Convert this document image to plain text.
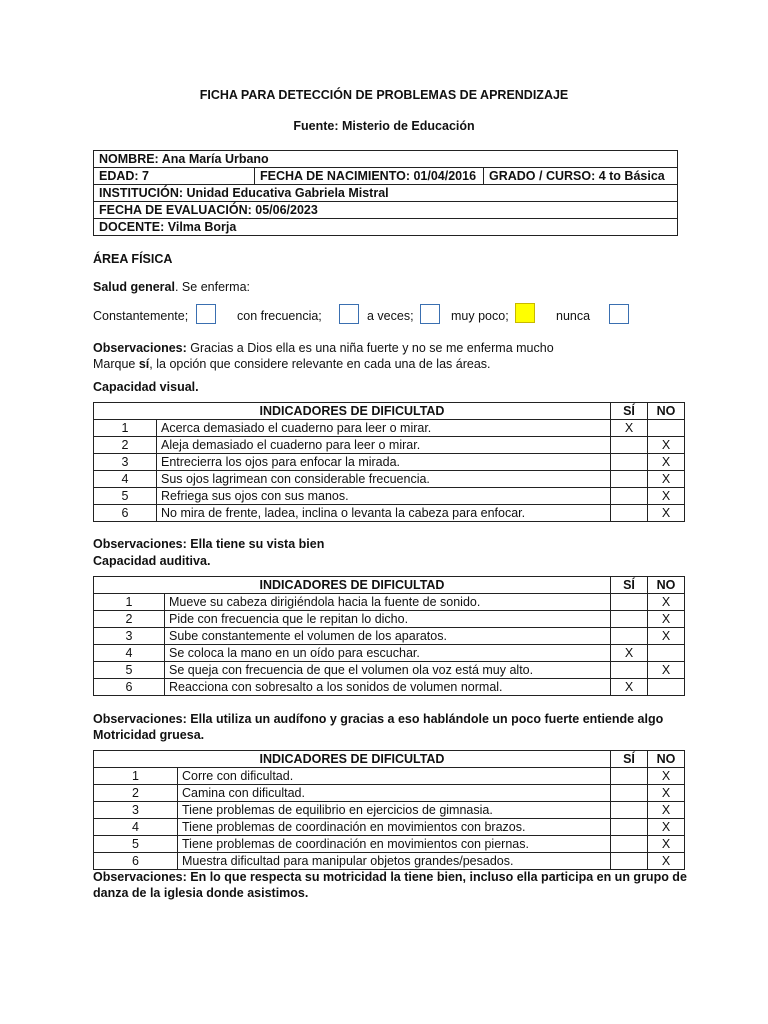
FICHA PARA DETECCIÓN DE PROBLEMAS DE APRENDIZAJE
Fuente: Misterio de Educación
NOMBRE: Ana María Urbano
EDAD: 7	FECHA DE NACIMIENTO: 01/04/2016	GRADO / CURSO: 4 to Básica
INSTITUCIÓN: Unidad Educativa Gabriela Mistral
FECHA DE EVALUACIÓN: 05/06/2023
DOCENTE: Vilma Borja
ÁREA FÍSICA
Salud general. Se enferma:
Constantemente;	con frecuencia;	a veces;	muy poco;	nunca
Observaciones: Gracias a Dios ella es una niña fuerte y no se me enferma mucho
Marque sí, la opción que considere relevante en cada una de las áreas.
Capacidad visual.
INDICADORES DE DIFICULTAD		SÍ	NO
1	Acerca demasiado el cuaderno para leer o mirar.	X	
2	Aleja demasiado el cuaderno para leer o mirar.		X
3	Entrecierra los ojos para enfocar la mirada.		X
4	Sus ojos lagrimean con considerable frecuencia.		X
5	Refriega sus ojos con sus manos.		X
6	No mira de frente, ladea, inclina o levanta la cabeza para enfocar.		X
Observaciones: Ella tiene su vista bien
Capacidad auditiva.
INDICADORES DE DIFICULTAD		SÍ	NO
1	Mueve su cabeza dirigiéndola hacia la fuente de sonido.		X
2	Pide con frecuencia que le repitan lo dicho.		X
3	Sube constantemente el volumen de los aparatos.		X
4	Se coloca la mano en un oído para escuchar.	X	
5	Se queja con frecuencia de que el volumen ola voz está muy alto.		X
6	Reacciona con sobresalto a los sonidos de volumen normal.	X	
Observaciones: Ella utiliza un audífono y gracias a eso hablándole un poco fuerte entiende algo
Motricidad gruesa.
INDICADORES DE DIFICULTAD		SÍ	NO
1	Corre con dificultad.		X
2	Camina con dificultad.		X
3	Tiene problemas de equilibrio en ejercicios de gimnasia.		X
4	Tiene problemas de coordinación en movimientos con brazos.		X
5	Tiene problemas de coordinación en movimientos con piernas.		X
6	Muestra dificultad para manipular objetos grandes/pesados.		X
Observaciones: En lo que respecta su motricidad la tiene bien, incluso ella participa en un grupo de
danza de la iglesia donde asistimos.
